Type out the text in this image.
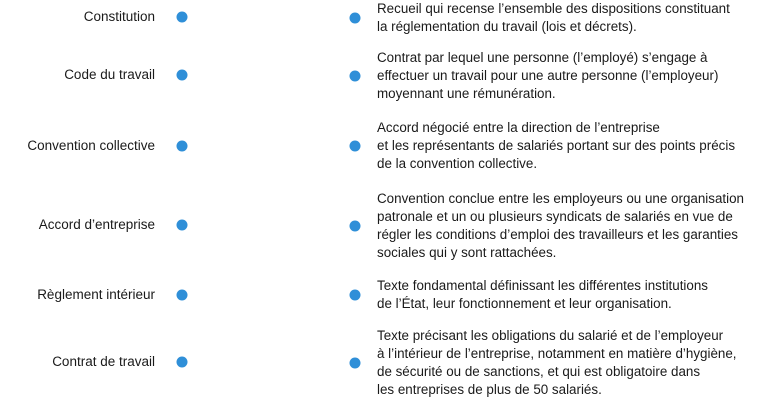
Constitution
Code du travail
Convention collective
Accord d’entreprise
Règlement intérieur
Contrat de travail
Recueil qui recense l’ensemble des dispositions constituant
la réglementation du travail (lois et décrets).
Contrat par lequel une personne (l’employé) s’engage à
effectuer un travail pour une autre personne (l’employeur)
moyennant une rémunération.
Accord négocié entre la direction de l’entreprise
et les représentants de salariés portant sur des points précis
de la convention collective.
Convention conclue entre les employeurs ou une organisation
patronale et un ou plusieurs syndicats de salariés en vue de
régler les conditions d’emploi des travailleurs et les garanties
sociales qui y sont rattachées.
Texte fondamental définissant les différentes institutions
de l’État, leur fonctionnement et leur organisation.
Texte précisant les obligations du salarié et de l’employeur
à l’intérieur de l’entreprise, notamment en matière d’hygiène,
de sécurité ou de sanctions, et qui est obligatoire dans
les entreprises de plus de 50 salariés.
